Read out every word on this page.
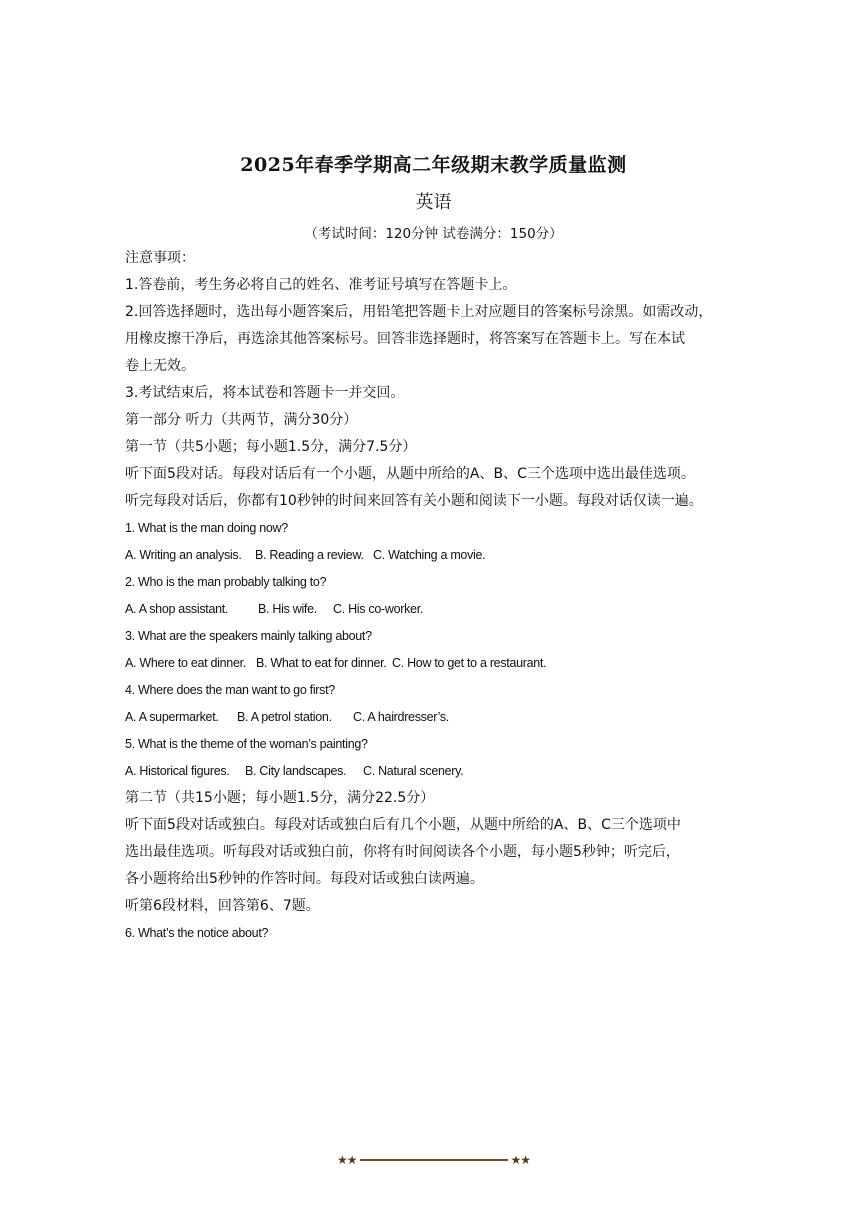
2025年春季学期高二年级期末教学质量监测
英语
（考试时间：120分钟 试卷满分：150分）
注意事项：
1.答卷前，考生务必将自己的姓名、准考证号填写在答题卡上。
2.回答选择题时，选出每小题答案后，用铅笔把答题卡上对应题目的答案标号涂黑。如需改动，
用橡皮擦干净后，再选涂其他答案标号。回答非选择题时，将答案写在答题卡上。写在本试
卷上无效。
3.考试结束后，将本试卷和答题卡一并交回。
第一部分 听力（共两节，满分30分）
第一节（共5小题；每小题1.5分，满分7.5分）
听下面5段对话。每段对话后有一个小题，从题中所给的A、B、C三个选项中选出最佳选项。
听完每段对话后，你都有10秒钟的时间来回答有关小题和阅读下一小题。每段对话仅读一遍。
1. What is the man doing now?
A. Writing an analysis. B. Reading a review. C. Watching a movie.
2. Who is the man probably talking to?
A. A shop assistant. B. His wife. C. His co-worker.
3. What are the speakers mainly talking about?
A. Where to eat dinner. B. What to eat for dinner. C. How to get to a restaurant.
4. Where does the man want to go first?
A. A supermarket. B. A petrol station. C. A hairdresser’s.
5. What is the theme of the woman’s painting?
A. Historical figures. B. City landscapes. C. Natural scenery.
第二节（共15小题；每小题1.5分，满分22.5分）
听下面5段对话或独白。每段对话或独白后有几个小题，从题中所给的A、B、C三个选项中
选出最佳选项。听每段对话或独白前，你将有时间阅读各个小题，每小题5秒钟；听完后，
各小题将给出5秒钟的作答时间。每段对话或独白读两遍。
听第6段材料，回答第6、7题。
6. What’s the notice about?
★★	★★
